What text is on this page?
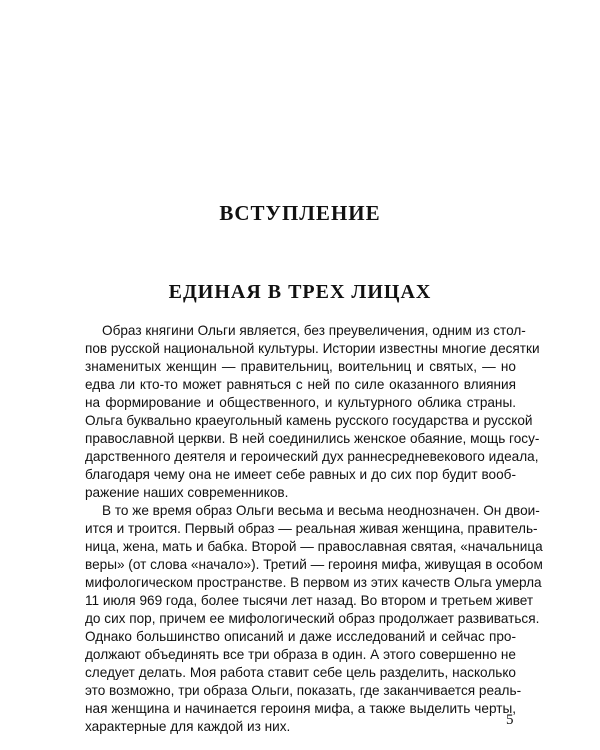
ВСТУПЛЕНИЕ
ЕДИНАЯ В ТРЕХ ЛИЦАХ
Образ княгини Ольги является, без преувеличения, одним из стол-
пов русской национальной культуры. Истории известны многие десятки
знаменитых женщин — правительниц, воительниц и святых, — но
едва ли кто-то может равняться с ней по силе оказанного влияния
на формирование и общественного, и культурного облика страны.
Ольга буквально краеугольный камень русского государства и русской
православной церкви. В ней соединились женское обаяние, мощь госу-
дарственного деятеля и героический дух раннесредневекового идеала,
благодаря чему она не имеет себе равных и до сих пор будит вооб-
ражение наших современников.
В то же время образ Ольги весьма и весьма неоднозначен. Он двои-
ится и троится. Первый образ — реальная живая женщина, правитель-
ница, жена, мать и бабка. Второй — православная святая, «начальница
веры» (от слова «начало»). Третий — героиня мифа, живущая в особом
мифологическом пространстве. В первом из этих качеств Ольга умерла
11 июля 969 года, более тысячи лет назад. Во втором и третьем живет
до сих пор, причем ее мифологический образ продолжает развиваться.
Однако большинство описаний и даже исследований и сейчас про-
должают объединять все три образа в один. А этого совершенно не
следует делать. Моя работа ставит себе цель разделить, насколько
это возможно, три образа Ольги, показать, где заканчивается реаль-
ная женщина и начинается героиня мифа, а также выделить черты,
характерные для каждой из них.	5
